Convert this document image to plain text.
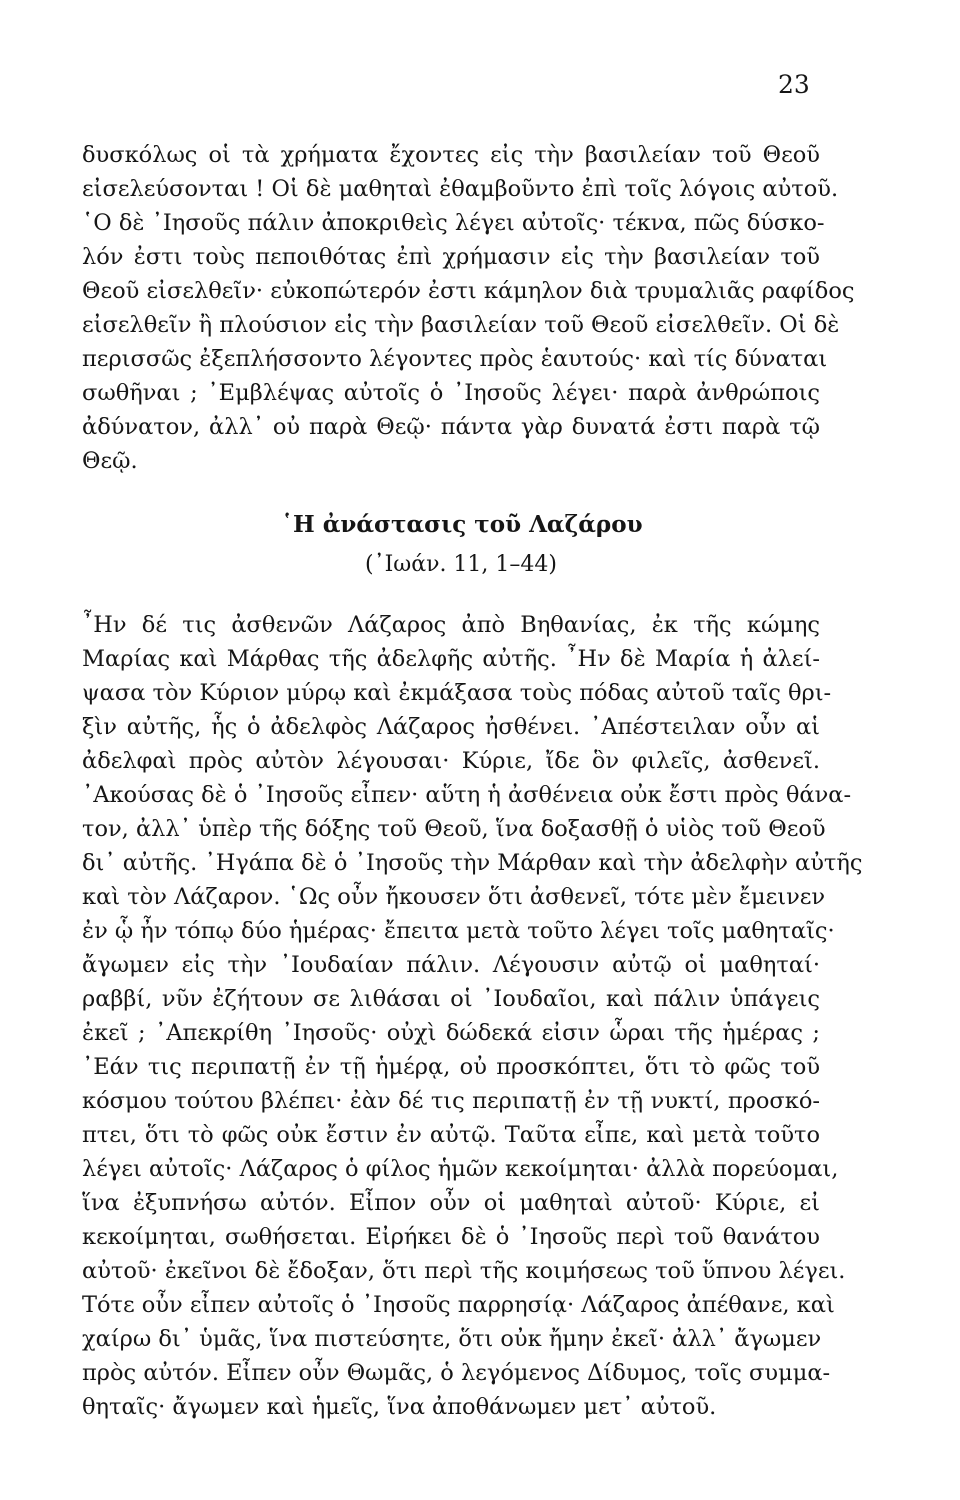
23
δυσκόλως οἱ τὰ χρήματα ἔχοντες εἰς τὴν βασιλείαν τοῦ Θεοῦ
εἰσελεύσονται ! Οἱ δὲ μαθηταὶ ἐθαμβοῦντο ἐπὶ τοῖς λόγοις αὐτοῦ.
῾Ο δὲ ᾿Ιησοῦς πάλιν ἀποκριθεὶς λέγει αὐτοῖς· τέκνα, πῶς δύσκο-
λόν ἐστι τοὺς πεποιθότας ἐπὶ χρήμασιν εἰς τὴν βασιλείαν τοῦ
Θεοῦ εἰσελθεῖν· εὐκοπώτερόν ἐστι κάμηλον διὰ τρυμαλιᾶς ραφίδος
εἰσελθεῖν ἢ πλούσιον εἰς τὴν βασιλείαν τοῦ Θεοῦ εἰσελθεῖν. Οἱ δὲ
περισσῶς ἐξεπλήσσοντο λέγοντες πρὸς ἑαυτούς· καὶ τίς δύναται
σωθῆναι ; ᾿Εμβλέψας αὐτοῖς ὁ ᾿Ιησοῦς λέγει· παρὰ ἀνθρώποις
ἀδύνατον, ἀλλ᾿ οὐ παρὰ Θεῷ· πάντα γὰρ δυνατά ἐστι παρὰ τῷ
Θεῷ.
῾Η ἀνάστασις τοῦ Λαζάρου
(᾿Ιωάν. 11, 1–44)
῏Ην δέ τις ἀσθενῶν Λάζαρος ἀπὸ Βηθανίας, ἐκ τῆς κώμης
Μαρίας καὶ Μάρθας τῆς ἀδελφῆς αὐτῆς. ῏Ην δὲ Μαρία ἡ ἀλεί-
ψασα τὸν Κύριον μύρῳ καὶ ἐκμάξασα τοὺς πόδας αὐτοῦ ταῖς θρι-
ξὶν αὐτῆς, ἧς ὁ ἀδελφὸς Λάζαρος ἠσθένει. ᾿Απέστειλαν οὖν αἱ
ἀδελφαὶ πρὸς αὐτὸν λέγουσαι· Κύριε, ἴδε ὃν φιλεῖς, ἀσθενεῖ.
᾿Ακούσας δὲ ὁ ᾿Ιησοῦς εἶπεν· αὕτη ἡ ἀσθένεια οὐκ ἔστι πρὸς θάνα-
τον, ἀλλ᾿ ὑπὲρ τῆς δόξης τοῦ Θεοῦ, ἵνα δοξασθῇ ὁ υἱὸς τοῦ Θεοῦ
δι᾿ αὐτῆς. ᾿Ηγάπα δὲ ὁ ᾿Ιησοῦς τὴν Μάρθαν καὶ τὴν ἀδελφὴν αὐτῆς
καὶ τὸν Λάζαρον. ῾Ως οὖν ἤκουσεν ὅτι ἀσθενεῖ, τότε μὲν ἔμεινεν
ἐν ᾧ ἦν τόπῳ δύο ἡμέρας· ἔπειτα μετὰ τοῦτο λέγει τοῖς μαθηταῖς·
ἄγωμεν εἰς τὴν ᾿Ιουδαίαν πάλιν. Λέγουσιν αὐτῷ οἱ μαθηταί·
ραββί, νῦν ἐζήτουν σε λιθάσαι οἱ ᾿Ιουδαῖοι, καὶ πάλιν ὑπάγεις
ἐκεῖ ; ᾿Απεκρίθη ᾿Ιησοῦς· οὐχὶ δώδεκά εἰσιν ὧραι τῆς ἡμέρας ;
᾿Εάν τις περιπατῇ ἐν τῇ ἡμέρᾳ, οὐ προσκόπτει, ὅτι τὸ φῶς τοῦ
κόσμου τούτου βλέπει· ἐὰν δέ τις περιπατῇ ἐν τῇ νυκτί, προσκό-
πτει, ὅτι τὸ φῶς οὐκ ἔστιν ἐν αὐτῷ. Ταῦτα εἶπε, καὶ μετὰ τοῦτο
λέγει αὐτοῖς· Λάζαρος ὁ φίλος ἡμῶν κεκοίμηται· ἀλλὰ πορεύομαι,
ἵνα ἐξυπνήσω αὐτόν. Εἶπον οὖν οἱ μαθηταὶ αὐτοῦ· Κύριε, εἰ
κεκοίμηται, σωθήσεται. Εἰρήκει δὲ ὁ ᾿Ιησοῦς περὶ τοῦ θανάτου
αὐτοῦ· ἐκεῖνοι δὲ ἔδοξαν, ὅτι περὶ τῆς κοιμήσεως τοῦ ὕπνου λέγει.
Τότε οὖν εἶπεν αὐτοῖς ὁ ᾿Ιησοῦς παρρησίᾳ· Λάζαρος ἀπέθανε, καὶ
χαίρω δι᾿ ὑμᾶς, ἵνα πιστεύσητε, ὅτι οὐκ ἤμην ἐκεῖ· ἀλλ᾿ ἄγωμεν
πρὸς αὐτόν. Εἶπεν οὖν Θωμᾶς, ὁ λεγόμενος Δίδυμος, τοῖς συμμα-
θηταῖς· ἄγωμεν καὶ ἡμεῖς, ἵνα ἀποθάνωμεν μετ᾿ αὐτοῦ.
